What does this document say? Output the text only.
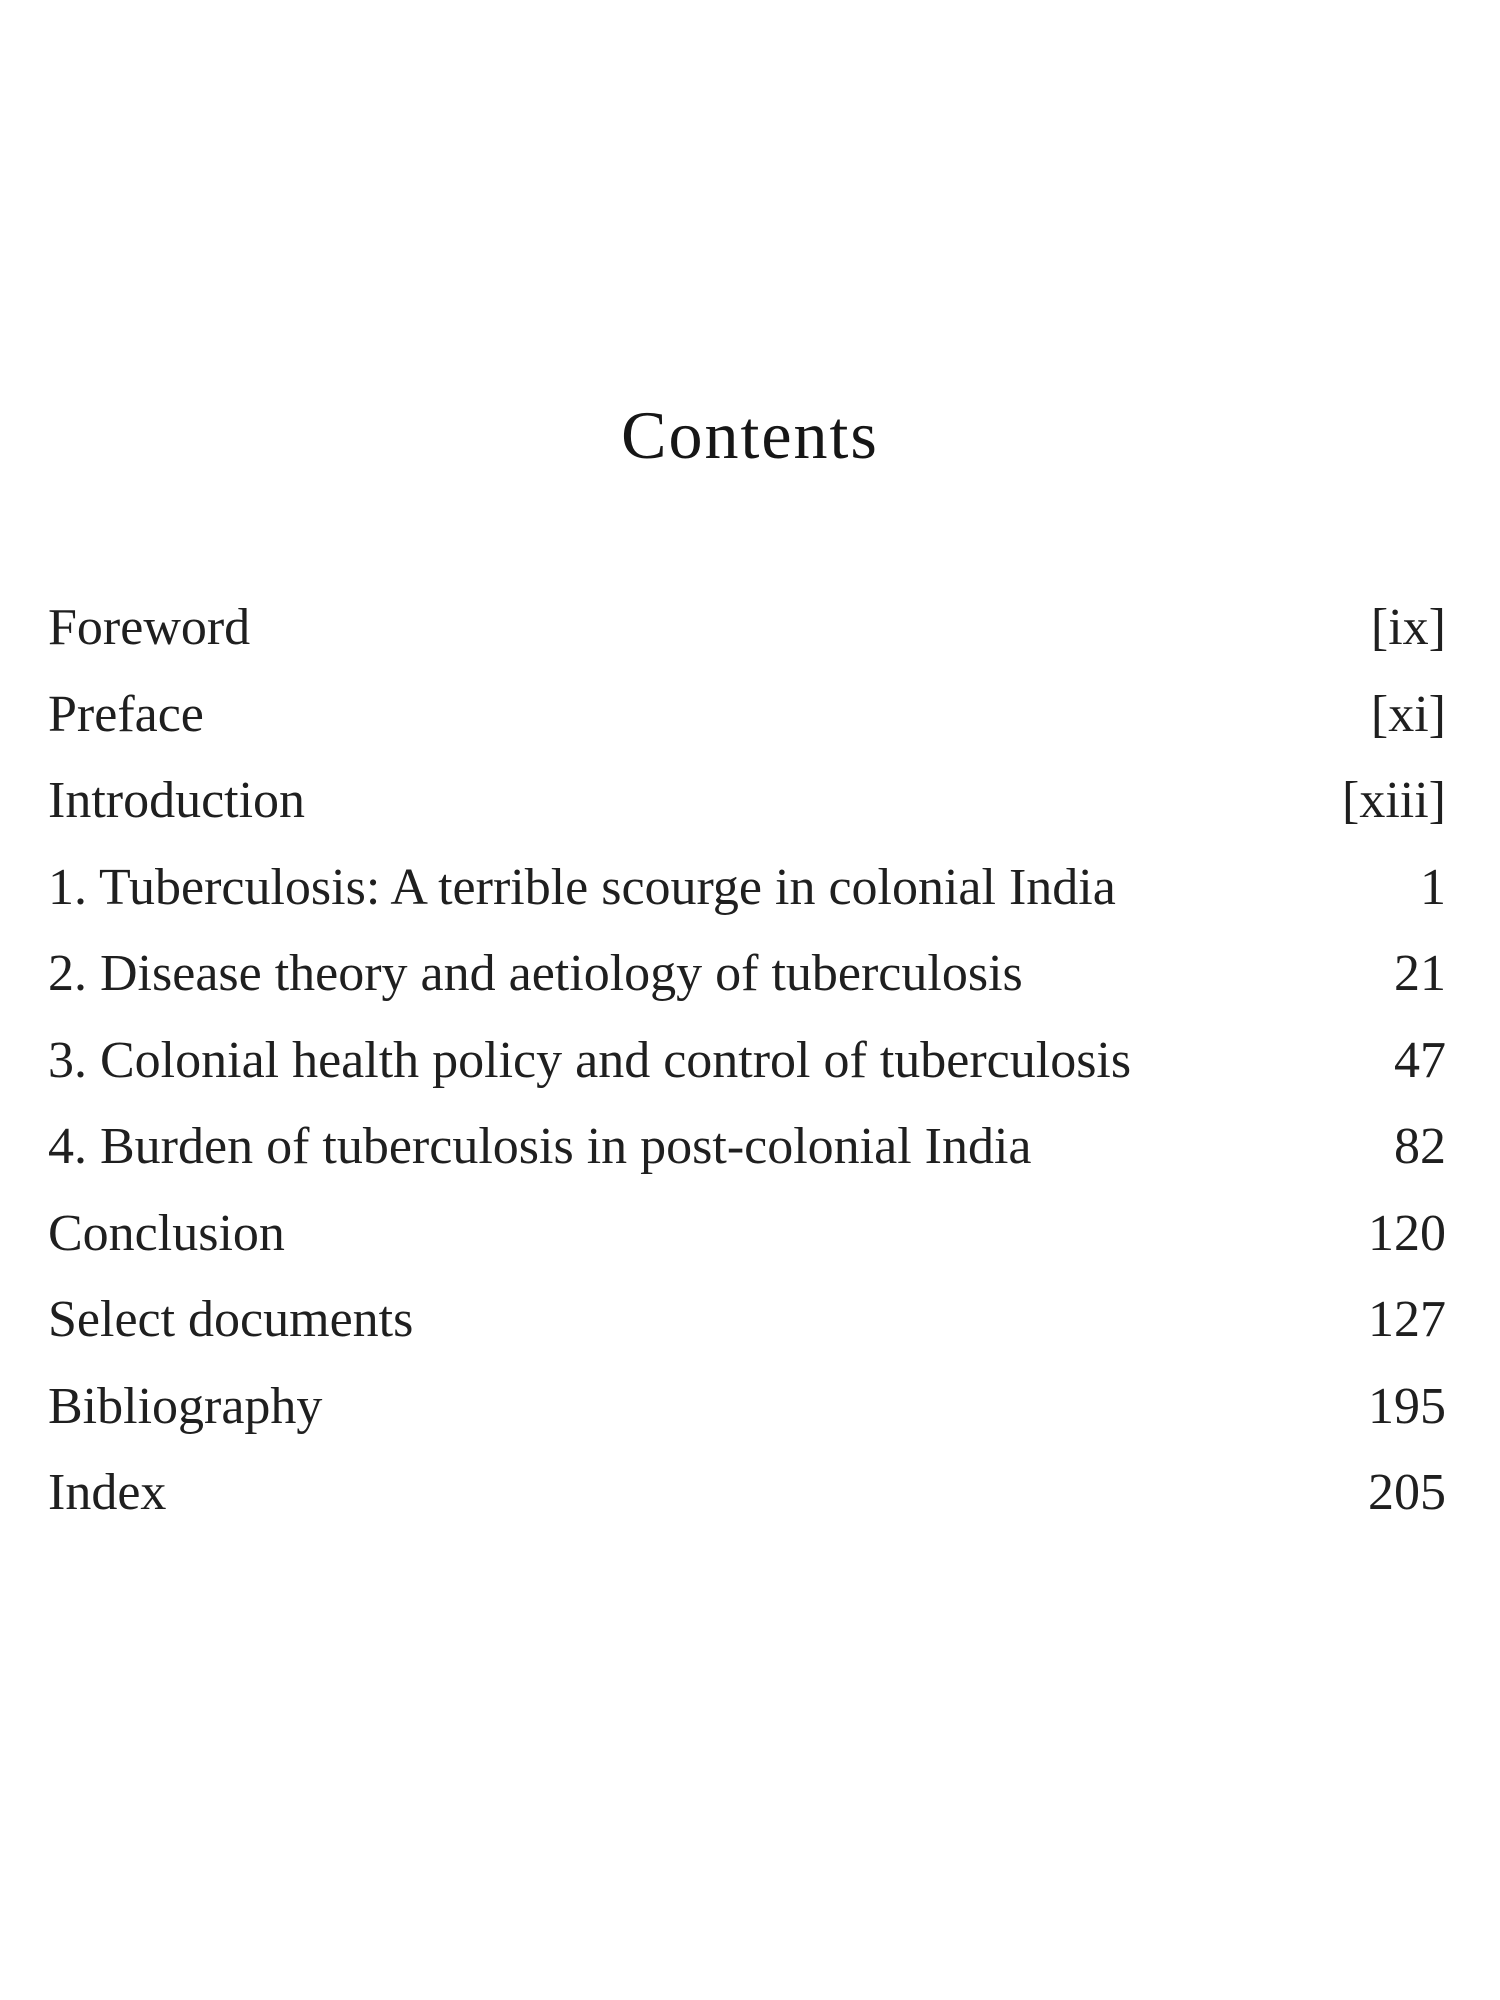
Contents
Foreword	[ix]
Preface	[xi]
Introduction	[xiii]
1. Tuberculosis: A terrible scourge in colonial India	1
2. Disease theory and aetiology of tuberculosis	21
3. Colonial health policy and control of tuberculosis	47
4. Burden of tuberculosis in post-colonial India	82
Conclusion	120
Select documents	127
Bibliography	195
Index	205
